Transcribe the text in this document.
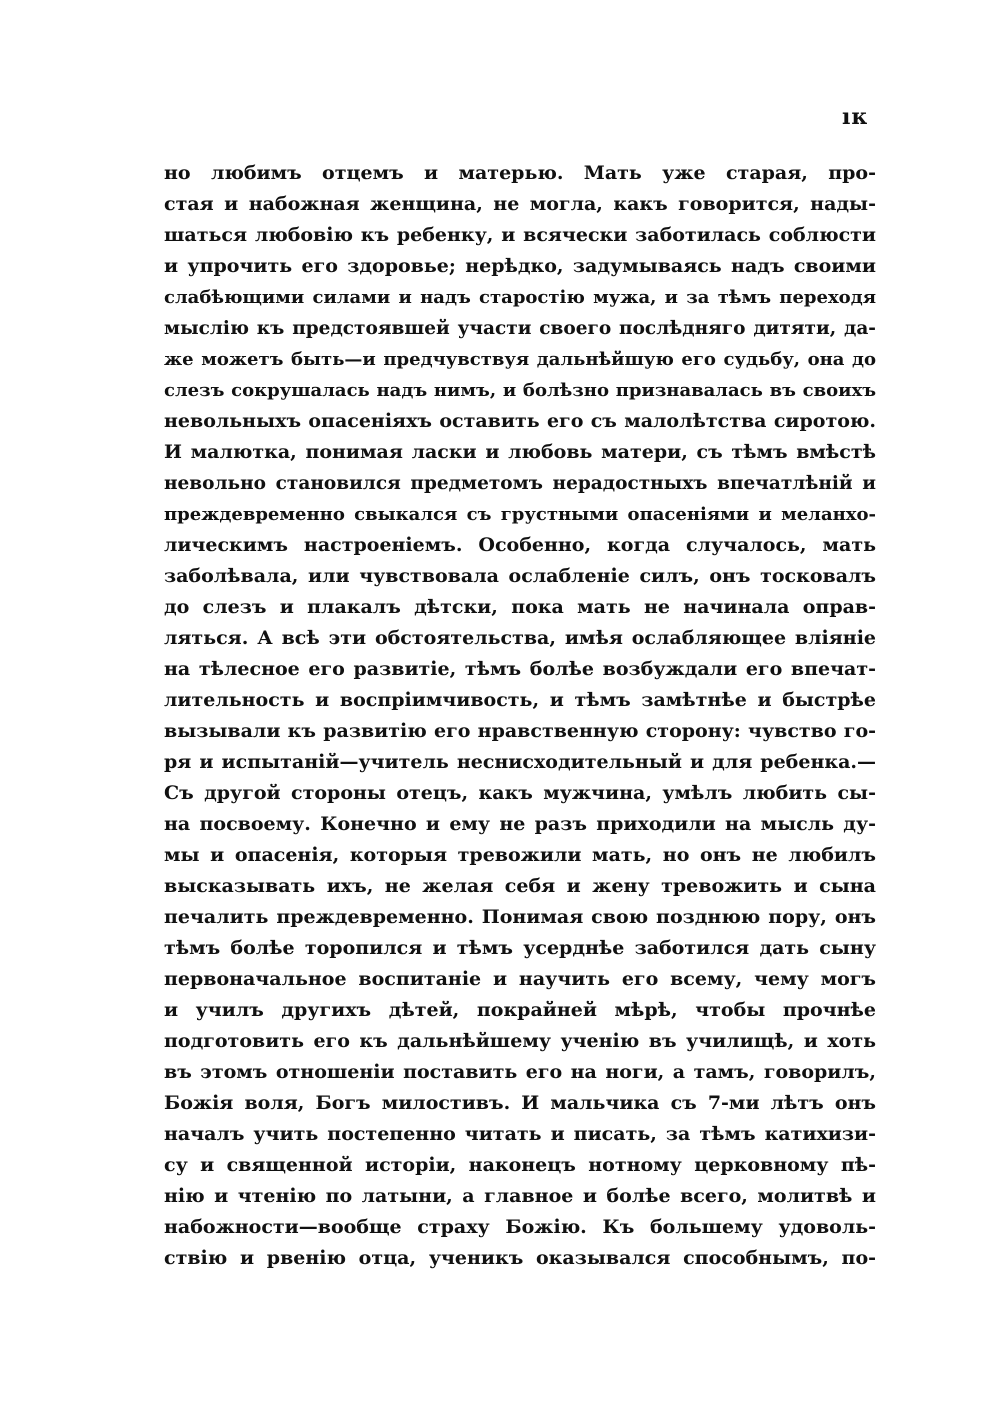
ıк
но любимъ отцемъ и матерью. Мать уже старая, про-
стая и набожная женщина, не могла, какъ говорится, нады-
шаться любовію къ ребенку, и всячески заботилась соблюсти
и упрочить его здоровье; нерѣдко, задумываясь надъ своими
слабѣющими силами и надъ старостію мужа, и за тѣмъ переходя
мыслію къ предстоявшей участи своего послѣдняго дитяти, да-
же можетъ быть—и предчувствуя дальнѣйшую его судьбу, она до
слезъ сокрушалась надъ нимъ, и болѣзно признавалась въ своихъ
невольныхъ опасеніяхъ оставить его съ малолѣтства сиротою.
И малютка, понимая ласки и любовь матери, съ тѣмъ вмѣстѣ
невольно становился предметомъ нерадостныхъ впечатлѣній и
преждевременно свыкался съ грустными опасеніями и меланхо-
лическимъ настроеніемъ. Особенно, когда случалось, мать
заболѣвала, или чувствовала ослабленіе силъ, онъ тосковалъ
до слезъ и плакалъ дѣтски, пока мать не начинала оправ-
ляться. А всѣ эти обстоятельства, имѣя ослабляющее вліяніе
на тѣлесное его развитіе, тѣмъ болѣе возбуждали его впечат-
лительность и воспріимчивость, и тѣмъ замѣтнѣе и быстрѣе
вызывали къ развитію его нравственную сторону: чувство го-
ря и испытаній—учитель неснисходительный и для ребенка.—
Съ другой стороны отецъ, какъ мужчина, умѣлъ любить сы-
на посвоему. Конечно и ему не разъ приходили на мысль ду-
мы и опасенія, которыя тревожили мать, но онъ не любилъ
высказывать ихъ, не желая себя и жену тревожить и сына
печалить преждевременно. Понимая свою позднюю пору, онъ
тѣмъ болѣе торопился и тѣмъ усерднѣе заботился дать сыну
первоначальное воспитаніе и научить его всему, чему могъ
и училъ другихъ дѣтей, покрайней мѣрѣ, чтобы прочнѣе
подготовить его къ дальнѣйшему ученію въ училищѣ, и хоть
въ этомъ отношеніи поставить его на ноги, а тамъ, говорилъ,
Божія воля, Богъ милостивъ. И мальчика съ 7-ми лѣтъ онъ
началъ учить постепенно читать и писать, за тѣмъ катихизи-
су и священной исторіи, наконецъ нотному церковному пѣ-
нію и чтенію по латыни, а главное и болѣе всего, молитвѣ и
набожности—вообще страху Божію. Къ большему удоволь-
ствію и рвенію отца, ученикъ оказывался способнымъ, по-
